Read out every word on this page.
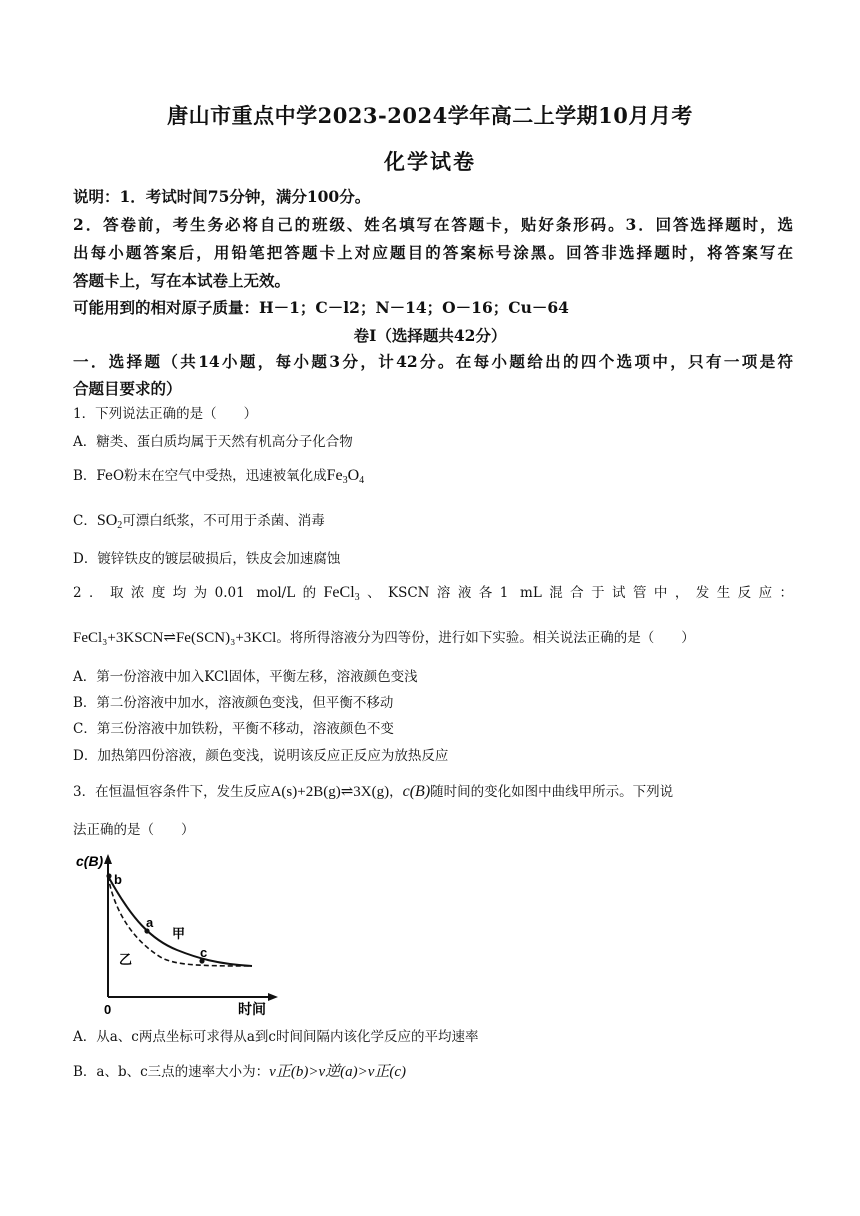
唐山市重点中学2023-2024学年高二上学期10月月考
化学试卷
说明：1．考试时间75分钟，满分100分。
2．答卷前，考生务必将自己的班级、姓名填写在答题卡，贴好条形码。3．回答选择题时，选
出每小题答案后，用铅笔把答题卡上对应题目的答案标号涂黑。回答非选择题时，将答案写在
答题卡上，写在本试卷上无效。
可能用到的相对原子质量：H－1；C－l2；N－14；O－16；Cu－64
卷Ⅰ（选择题共42分）
一．选择题（共14小题，每小题3分，计42分。在每小题给出的四个选项中，只有一项是符
合题目要求的）
1．下列说法正确的是（　　）
A．糖类、蛋白质均属于天然有机高分子化合物
B．FeO粉末在空气中受热，迅速被氧化成$Fe_3O_4$
C．$SO_2$可漂白纸浆，不可用于杀菌、消毒
D．镀锌铁皮的镀层破损后，铁皮会加速腐蚀
2．取浓度均为0.01 mol/L的FeCl$_3$、KSCN溶液各1 mL混合于试管中，发生反应：
FeCl₃+3KSCN⇌Fe(SCN)₃+3KCl。将所得溶液分为四等份，进行如下实验。相关说法正确的是（　　）
A．第一份溶液中加入KCl固体，平衡左移，溶液颜色变浅
B．第二份溶液中加水，溶液颜色变浅，但平衡不移动
C．第三份溶液中加铁粉，平衡不移动，溶液颜色不变
D．加热第四份溶液，颜色变浅，说明该反应正反应为放热反应
3．在恒温恒容条件下，发生反应A(s)+2B(g)⇌3X(g)，c(B)随时间的变化如图中曲线甲所示。下列说
法正确的是（　　）
c(B)
b
a
c
甲
乙
0	时间
A．从a、c两点坐标可求得从a到c时间间隔内该化学反应的平均速率
B．a、b、c三点的速率大小为：v正(b)>v逆(a)>v正(c)
